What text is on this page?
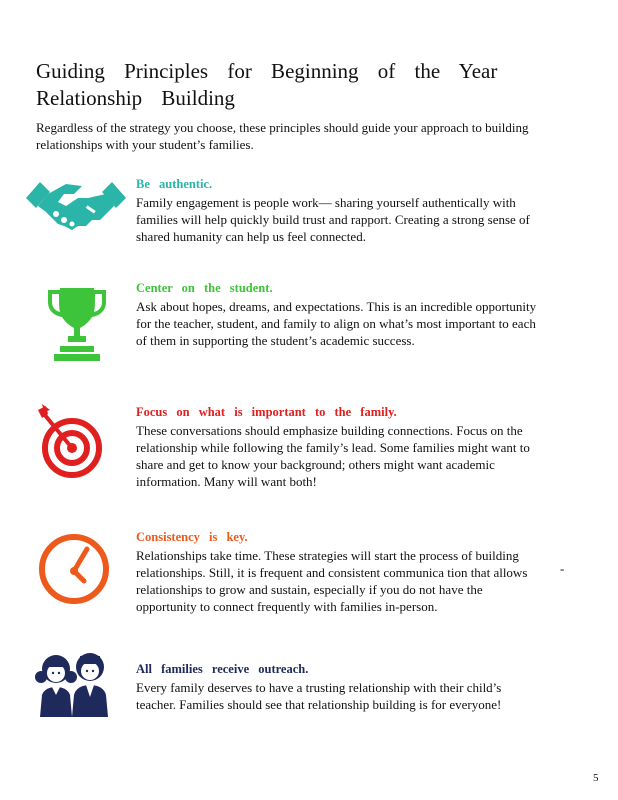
Guiding Principles for Beginning of the Year
Relationship Building
Regardless of the strategy you choose, these principles should guide your approach to building relationships with your student’s families.
Be authentic.
Family engagement is people work— sharing yourself authentically with families will help quickly build trust and rapport. Creating a strong sense of shared humanity can help us feel connected.
Center on the student.
Ask about hopes, dreams, and expectations. This is an incredible opportunity for the teacher, student, and family to align on what’s most important to each of them in supporting the student’s academic success.
Focus on what is important to the family.
These conversations should emphasize building connections. Focus on the relationship while following the family’s lead. Some families might want to share and get to know your background; others might want academic information. Many will want both!
Consistency is key.
Relationships take time. These strategies will start the process of building relationships. Still, it is frequent and consistent communica tion that allows relationships to grow and sustain, especially if you do not have the opportunity to connect frequently with families in-person.
-
All families receive outreach.
Every family deserves to have a trusting relationship with their child’s teacher. Families should see that relationship building is for everyone!
5
